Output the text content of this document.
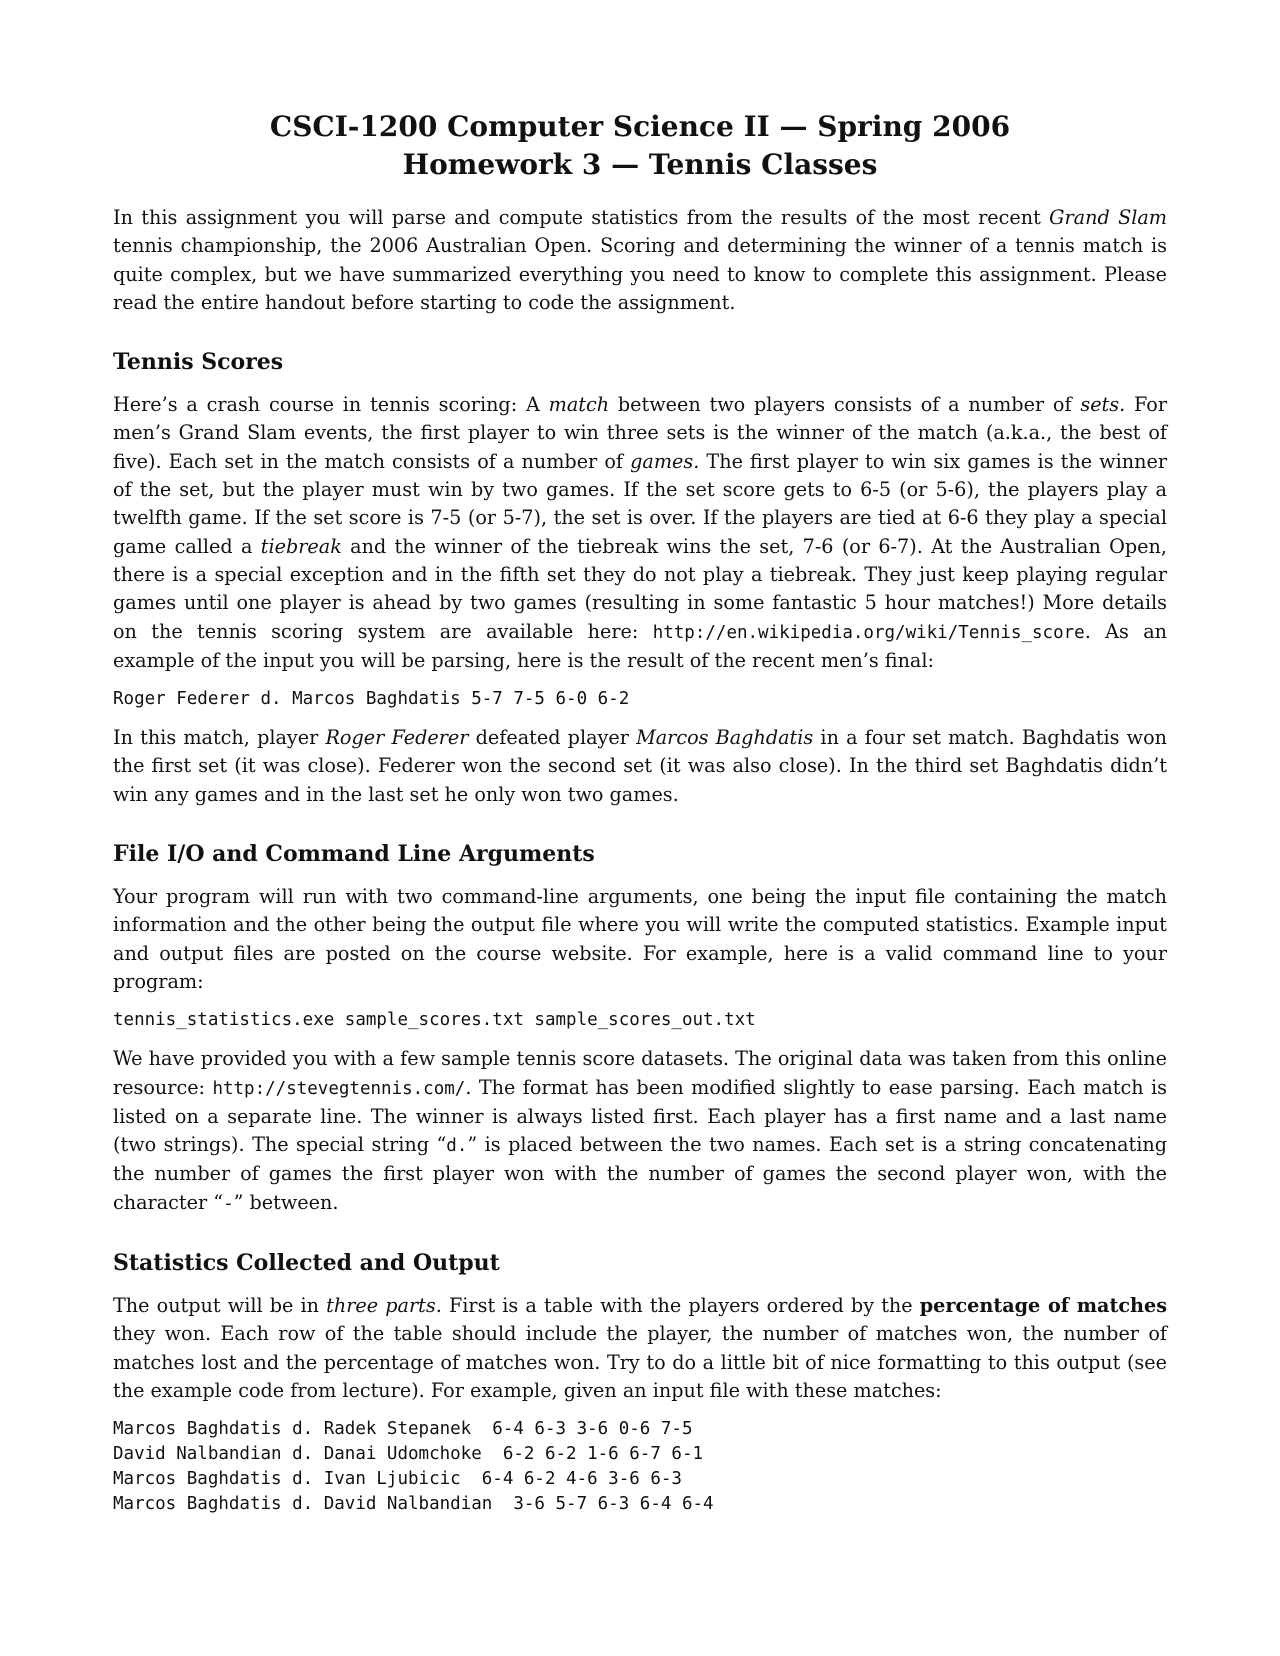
CSCI-1200 Computer Science II — Spring 2006
Homework 3 — Tennis Classes

In this assignment you will parse and compute statistics from the results of the most recent Grand Slam tennis championship, the 2006 Australian Open. Scoring and determining the winner of a tennis match is quite complex, but we have summarized everything you need to know to complete this assignment. Please read the entire handout before starting to code the assignment.

Tennis Scores

Here’s a crash course in tennis scoring: A match between two players consists of a number of sets. For men’s Grand Slam events, the first player to win three sets is the winner of the match (a.k.a., the best of five). Each set in the match consists of a number of games. The first player to win six games is the winner of the set, but the player must win by two games. If the set score gets to 6-5 (or 5-6), the players play a twelfth game. If the set score is 7-5 (or 5-7), the set is over. If the players are tied at 6-6 they play a special game called a tiebreak and the winner of the tiebreak wins the set, 7-6 (or 6-7). At the Australian Open, there is a special exception and in the fifth set they do not play a tiebreak. They just keep playing regular games until one player is ahead by two games (resulting in some fantastic 5 hour matches!) More details on the tennis scoring system are available here: http://en.wikipedia.org/wiki/Tennis_score. As an example of the input you will be parsing, here is the result of the recent men’s final:

Roger Federer d. Marcos Baghdatis 5-7 7-5 6-0 6-2

In this match, player Roger Federer defeated player Marcos Baghdatis in a four set match. Baghdatis won the first set (it was close). Federer won the second set (it was also close). In the third set Baghdatis didn’t win any games and in the last set he only won two games.

File I/O and Command Line Arguments

Your program will run with two command-line arguments, one being the input file containing the match information and the other being the output file where you will write the computed statistics. Example input and output files are posted on the course website. For example, here is a valid command line to your program:

tennis_statistics.exe sample_scores.txt sample_scores_out.txt

We have provided you with a few sample tennis score datasets. The original data was taken from this online resource: http://stevegtennis.com/. The format has been modified slightly to ease parsing. Each match is listed on a separate line. The winner is always listed first. Each player has a first name and a last name (two strings). The special string “d.” is placed between the two names. Each set is a string concatenating the number of games the first player won with the number of games the second player won, with the character “-” between.

Statistics Collected and Output

The output will be in three parts. First is a table with the players ordered by the percentage of matches they won. Each row of the table should include the player, the number of matches won, the number of matches lost and the percentage of matches won. Try to do a little bit of nice formatting to this output (see the example code from lecture). For example, given an input file with these matches:

Marcos Baghdatis d. Radek Stepanek  6-4 6-3 3-6 0-6 7-5
David Nalbandian d. Danai Udomchoke  6-2 6-2 1-6 6-7 6-1
Marcos Baghdatis d. Ivan Ljubicic  6-4 6-2 4-6 3-6 6-3
Marcos Baghdatis d. David Nalbandian  3-6 5-7 6-3 6-4 6-4
